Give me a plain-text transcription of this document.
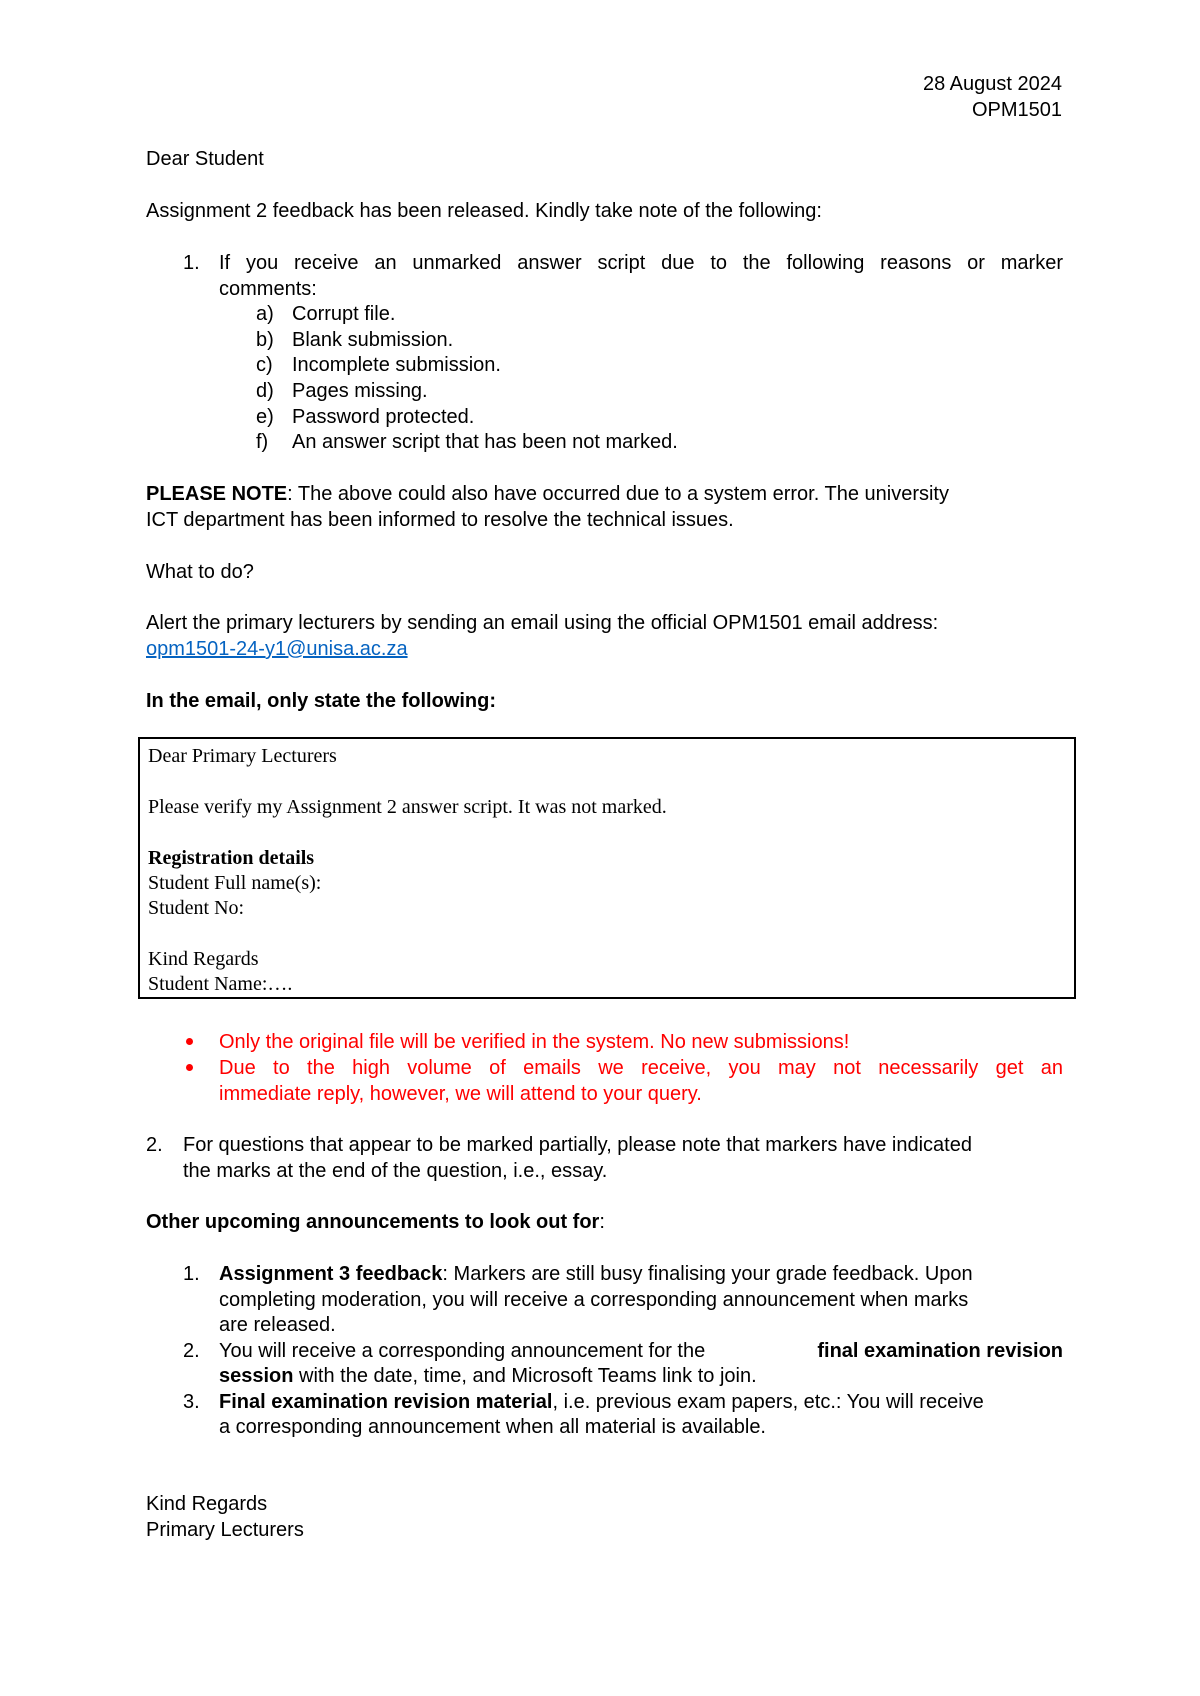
28 August 2024
OPM1501
Dear Student
Assignment 2 feedback has been released. Kindly take note of the following:
1. If you receive an unmarked answer script due to the following reasons or marker
comments:
a) Corrupt file.
b) Blank submission.
c) Incomplete submission.
d) Pages missing.
e) Password protected.
f) An answer script that has been not marked.
PLEASE NOTE: The above could also have occurred due to a system error. The university
ICT department has been informed to resolve the technical issues.
What to do?
Alert the primary lecturers by sending an email using the official OPM1501 email address:
opm1501-24-y1@unisa.ac.za
In the email, only state the following:
Dear Primary Lecturers
Please verify my Assignment 2 answer script. It was not marked.
Registration details
Student Full name(s):
Student No:
Kind Regards
Student Name:….
Only the original file will be verified in the system. No new submissions!
Due to the high volume of emails we receive, you may not necessarily get an
immediate reply, however, we will attend to your query.
2. For questions that appear to be marked partially, please note that markers have indicated
the marks at the end of the question, i.e., essay.
Other upcoming announcements to look out for:
1. Assignment 3 feedback: Markers are still busy finalising your grade feedback. Upon
completing moderation, you will receive a corresponding announcement when marks
are released.
2. You will receive a corresponding announcement for the	final examination revision
session with the date, time, and Microsoft Teams link to join.
3. Final examination revision material, i.e. previous exam papers, etc.: You will receive
a corresponding announcement when all material is available.
Kind Regards
Primary Lecturers
